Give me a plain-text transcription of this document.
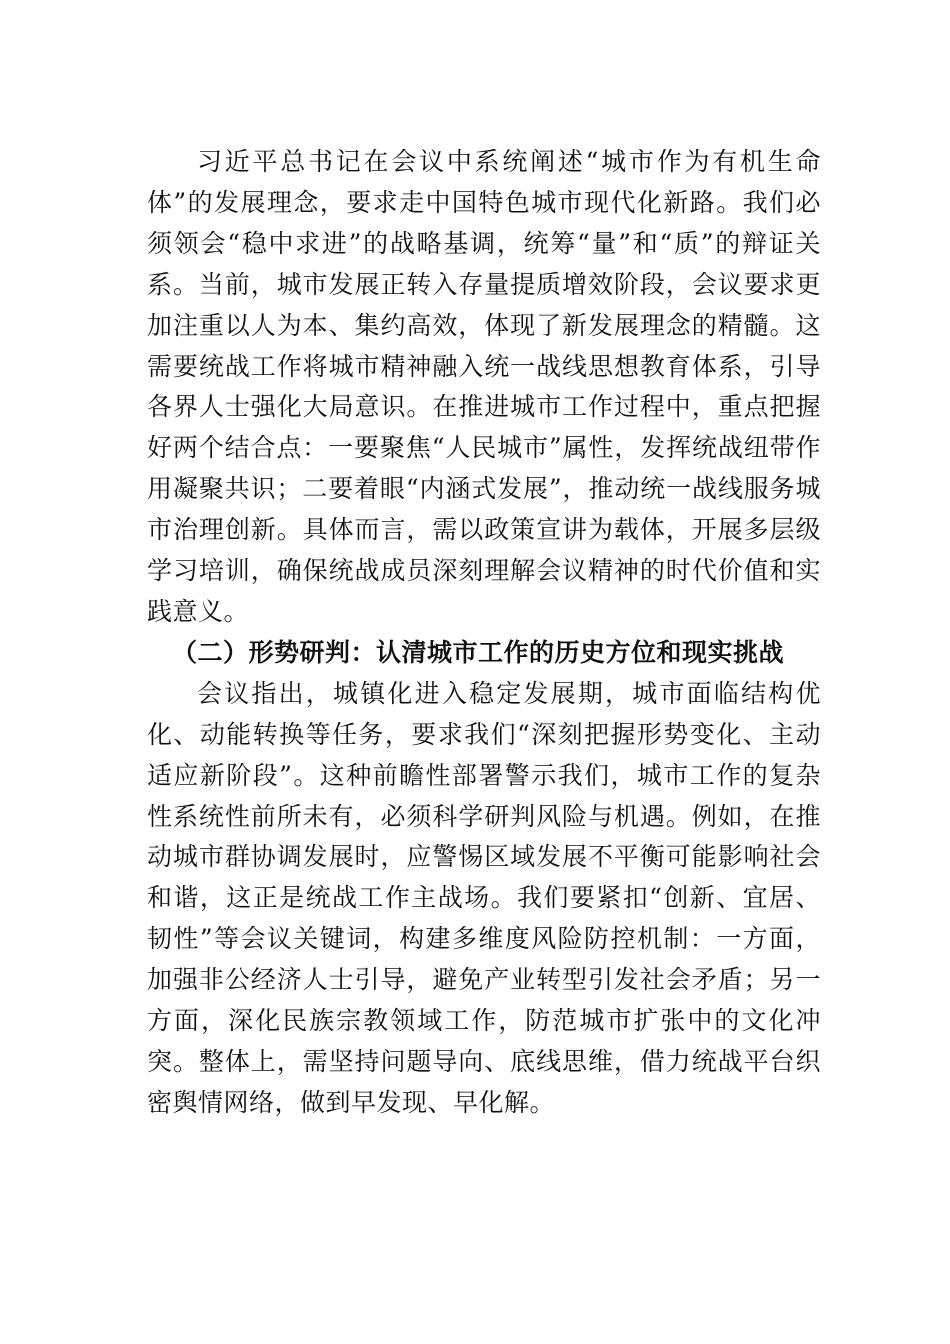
习近平总书记在会议中系统阐述“城市作为有机生命体”的发展理念，要求走中国特色城市现代化新路。我们必须领会“稳中求进”的战略基调，统筹“量”和“质”的辩证关系。当前，城市发展正转入存量提质增效阶段，会议要求更加注重以人为本、集约高效，体现了新发展理念的精髓。这需要统战工作将城市精神融入统一战线思想教育体系，引导各界人士强化大局意识。在推进城市工作过程中，重点把握好两个结合点：一要聚焦“人民城市”属性，发挥统战纽带作用凝聚共识；二要着眼“内涵式发展”，推动统一战线服务城市治理创新。具体而言，需以政策宣讲为载体，开展多层级学习培训，确保统战成员深刻理解会议精神的时代价值和实践意义。

（二）形势研判：认清城市工作的历史方位和现实挑战

会议指出，城镇化进入稳定发展期，城市面临结构优化、动能转换等任务，要求我们“深刻把握形势变化、主动适应新阶段”。这种前瞻性部署警示我们，城市工作的复杂性系统性前所未有，必须科学研判风险与机遇。例如，在推动城市群协调发展时，应警惕区域发展不平衡可能影响社会和谐，这正是统战工作主战场。我们要紧扣“创新、宜居、韧性”等会议关键词，构建多维度风险防控机制：一方面，加强非公经济人士引导，避免产业转型引发社会矛盾；另一方面，深化民族宗教领域工作，防范城市扩张中的文化冲突。整体上，需坚持问题导向、底线思维，借力统战平台织密舆情网络，做到早发现、早化解。
